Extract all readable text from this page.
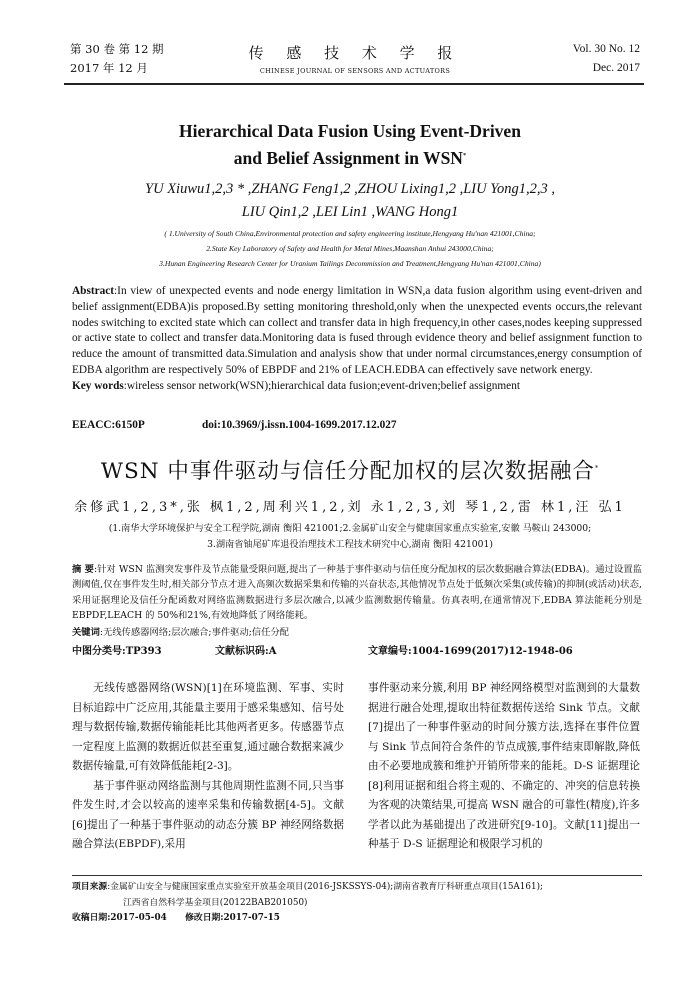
第 30 卷 第 12 期
2017 年 12 月
传 感 技 术 学 报
CHINESE JOURNAL OF SENSORS AND ACTUATORS
Vol. 30 No. 12
Dec. 2017
Hierarchical Data Fusion Using Event-Driven
and Belief Assignment in WSN*
YU Xiuwu1,2,3 * ,ZHANG Feng1,2 ,ZHOU Lixing1,2 ,LIU Yong1,2,3 ,
LIU Qin1,2 ,LEI Lin1 ,WANG Hong1
( 1.University of South China,Environmental protection and safety engineering institute,Hengyang Hu'nan 421001,China;
2.State Key Laboratory of Safety and Health for Metal Mines,Maanshan Anhui 243000,China;
3.Hunan Engineering Research Center for Uranium Tailings Decommission and Treatment,Hengyang Hu'nan 421001,China)
Abstract:In view of unexpected events and node energy limitation in WSN,a data fusion algorithm using event-driven and belief assignment(EDBA)is proposed.By setting monitoring threshold,only when the unexpected events occurs,the relevant nodes switching to excited state which can collect and transfer data in high frequency,in other cases,nodes keeping suppressed or active state to collect and transfer data.Monitoring data is fused through evidence theory and belief assignment function to reduce the amount of transmitted data.Simulation and analysis show that under normal circumstances,energy consumption of EDBA algorithm are respectively 50% of EBPDF and 21% of LEACH.EDBA can effectively save network energy.
Key words:wireless sensor network(WSN);hierarchical data fusion;event-driven;belief assignment
EEACC:6150P	doi:10.3969/j.issn.1004-1699.2017.12.027
WSN 中事件驱动与信任分配加权的层次数据融合*
余修武1,2,3*,张 枫1,2,周利兴1,2,刘 永1,2,3,刘 琴1,2,雷 林1,汪 弘1
(1.南华大学环境保护与安全工程学院,湖南 衡阳 421001;2.金属矿山安全与健康国家重点实验室,安徽 马鞍山 243000;
3.湖南省铀尾矿库退役治理技术工程技术研究中心,湖南 衡阳 421001)
摘 要:针对 WSN 监测突发事件及节点能量受限问题,提出了一种基于事件驱动与信任度分配加权的层次数据融合算法(EDBA)。通过设置监测阈值,仅在事件发生时,相关部分节点才进入高频次数据采集和传输的兴奋状态,其他情况节点处于低频次采集(或传输)的抑制(或活动)状态,采用证据理论及信任分配函数对网络监测数据进行多层次融合,以减少监测数据传输量。仿真表明,在通常情况下,EDBA 算法能耗分别是 EBPDF,LEACH 的 50%和21%,有效地降低了网络能耗。
关键词:无线传感器网络;层次融合;事件驱动;信任分配
中图分类号:TP393	文献标识码:A	文章编号:1004-1699(2017)12-1948-06

无线传感器网络(WSN)[1]在环境监测、军事、实时目标追踪中广泛应用,其能量主要用于感采集感知、信号处理与数据传输,数据传输能耗比其他两者更多。传感器节点一定程度上监测的数据近似甚至重复,通过融合数据来减少数据传输量,可有效降低能耗[2-3]。

基于事件驱动网络监测与其他周期性监测不同,只当事件发生时,才会以较高的速率采集和传输数据[4-5]。文献[6]提出了一种基于事件驱动的动态分簇 BP 神经网络数据融合算法(EBPDF),采用

事件驱动来分簇,利用 BP 神经网络模型对监测到的大量数据进行融合处理,提取出特征数据传送给 Sink 节点。文献[7]提出了一种事件驱动的时间分簇方法,选择在事件位置与 Sink 节点间符合条件的节点成簇,事件结束即解散,降低由不必要地成簇和维护开销所带来的能耗。D-S 证据理论[8]利用证据和组合将主观的、不确定的、冲突的信息转换为客观的决策结果,可提高 WSN 融合的可靠性(精度),许多学者以此为基础提出了改进研究[9-10]。文献[11]提出一种基于 D-S 证据理论和极限学习机的

项目来源:金属矿山安全与健康国家重点实验室开放基金项目(2016-JSKSSYS-04);湖南省教育厅科研重点项目(15A161);
江西省自然科学基金项目(20122BAB201050)
收稿日期:2017-05-04 修改日期:2017-07-15
